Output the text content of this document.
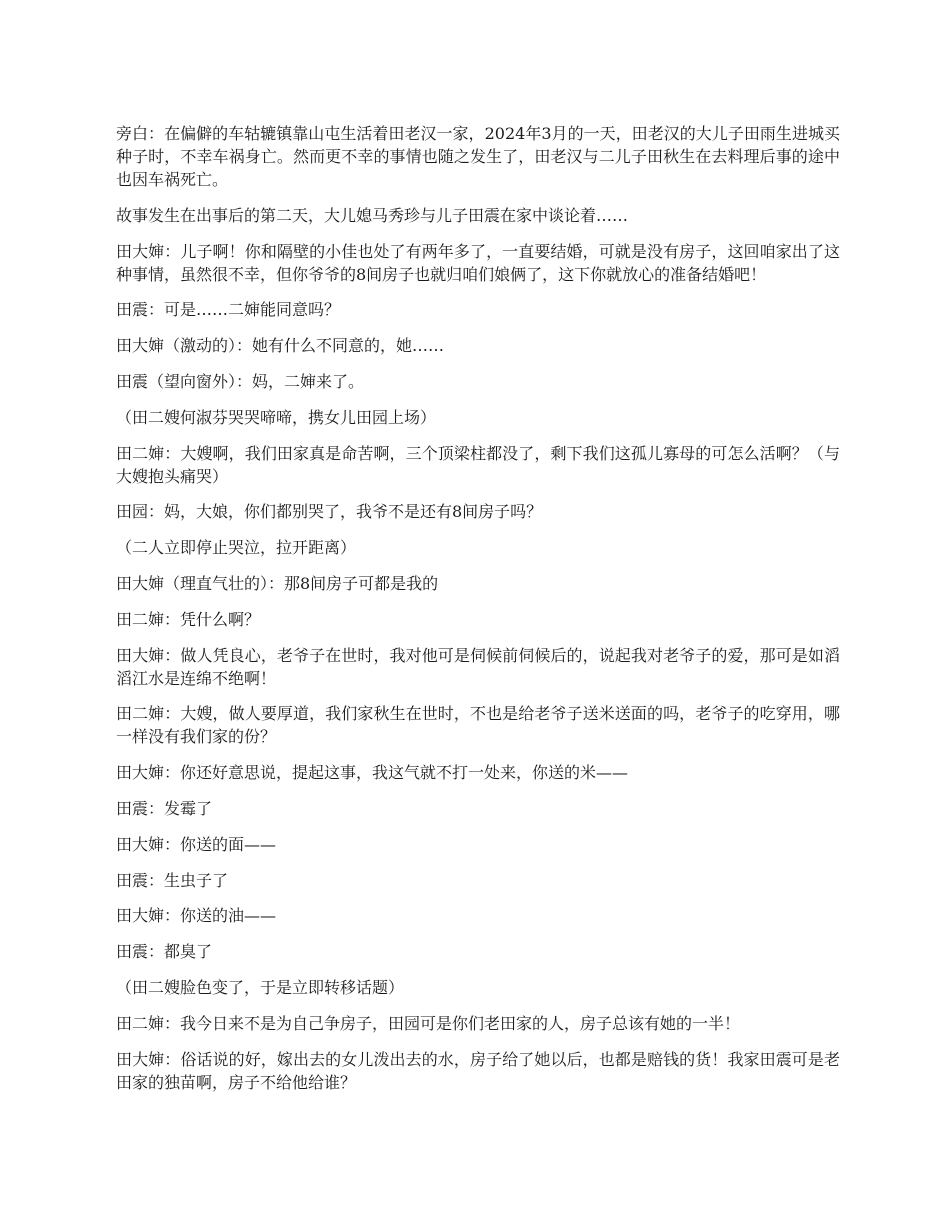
旁白：在偏僻的车轱辘镇靠山屯生活着田老汉一家，2024年3月的一天，田老汉的大儿子田雨生进城买种子时，不幸车祸身亡。然而更不幸的事情也随之发生了，田老汉与二儿子田秋生在去料理后事的途中也因车祸死亡。

故事发生在出事后的第二天，大儿媳马秀珍与儿子田震在家中谈论着……

田大婶：儿子啊！你和隔壁的小佳也处了有两年多了，一直要结婚，可就是没有房子，这回咱家出了这种事情，虽然很不幸，但你爷爷的8间房子也就归咱们娘俩了，这下你就放心的准备结婚吧！

田震：可是……二婶能同意吗？

田大婶（激动的）：她有什么不同意的，她……

田震（望向窗外）：妈，二婶来了。

（田二嫂何淑芬哭哭啼啼，携女儿田园上场）

田二婶：大嫂啊，我们田家真是命苦啊，三个顶梁柱都没了，剩下我们这孤儿寡母的可怎么活啊？（与大嫂抱头痛哭）

田园：妈，大娘，你们都别哭了，我爷不是还有8间房子吗？

（二人立即停止哭泣，拉开距离）

田大婶（理直气壮的）：那8间房子可都是我的

田二婶：凭什么啊？

田大婶：做人凭良心，老爷子在世时，我对他可是伺候前伺候后的，说起我对老爷子的爱，那可是如滔滔江水是连绵不绝啊！

田二婶：大嫂，做人要厚道，我们家秋生在世时，不也是给老爷子送米送面的吗，老爷子的吃穿用，哪一样没有我们家的份？

田大婶：你还好意思说，提起这事，我这气就不打一处来，你送的米——

田震：发霉了

田大婶：你送的面——

田震：生虫子了

田大婶：你送的油——

田震：都臭了

（田二嫂脸色变了，于是立即转移话题）

田二婶：我今日来不是为自己争房子，田园可是你们老田家的人，房子总该有她的一半！

田大婶：俗话说的好，嫁出去的女儿泼出去的水，房子给了她以后，也都是赔钱的货！我家田震可是老田家的独苗啊，房子不给他给谁？
